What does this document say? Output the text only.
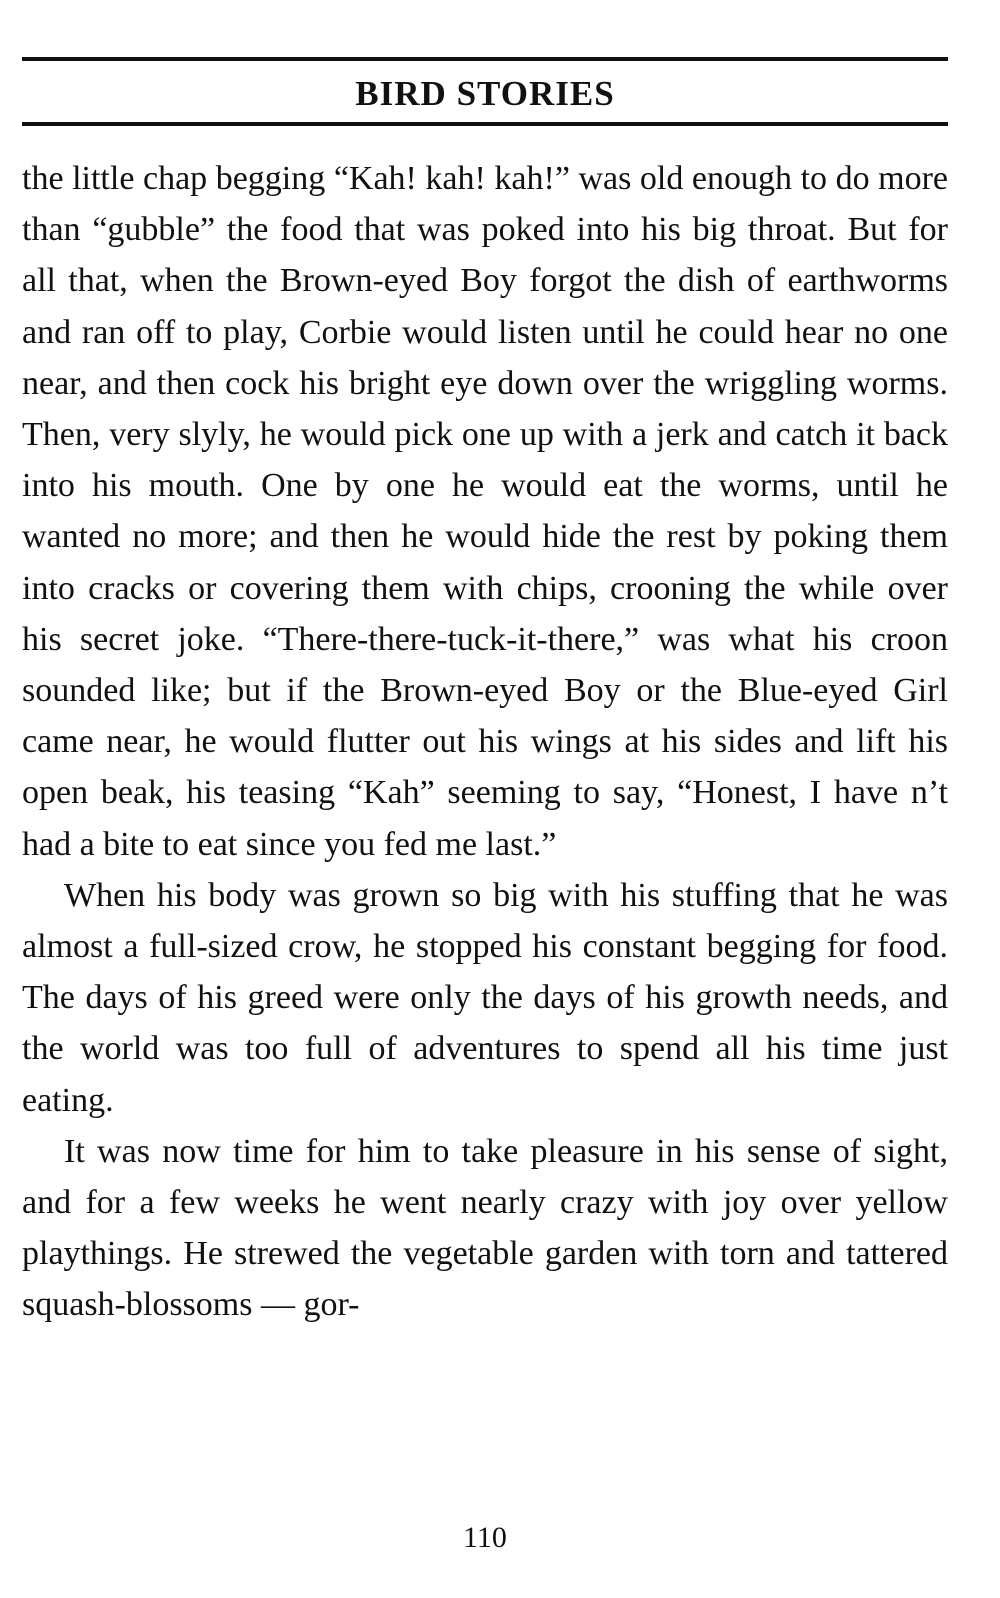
BIRD STORIES

the little chap begging “Kah! kah! kah!” was old enough to do more than “gubble” the food that was poked into his big throat. But for all that, when the Brown-eyed Boy forgot the dish of earthworms and ran off to play, Corbie would listen until he could hear no one near, and then cock his bright eye down over the wriggling worms. Then, very slyly, he would pick one up with a jerk and catch it back into his mouth. One by one he would eat the worms, until he wanted no more; and then he would hide the rest by poking them into cracks or covering them with chips, crooning the while over his secret joke. “There-there-tuck-it-there,” was what his croon sounded like; but if the Brown-eyed Boy or the Blue-eyed Girl came near, he would flutter out his wings at his sides and lift his open beak, his teasing “Kah” seeming to say, “Honest, I have n’t had a bite to eat since you fed me last.”

When his body was grown so big with his stuffing that he was almost a full-sized crow, he stopped his constant begging for food. The days of his greed were only the days of his growth needs, and the world was too full of adventures to spend all his time just eating.

It was now time for him to take pleasure in his sense of sight, and for a few weeks he went nearly crazy with joy over yellow playthings. He strewed the vegetable garden with torn and tattered squash-blossoms — gor-

110
